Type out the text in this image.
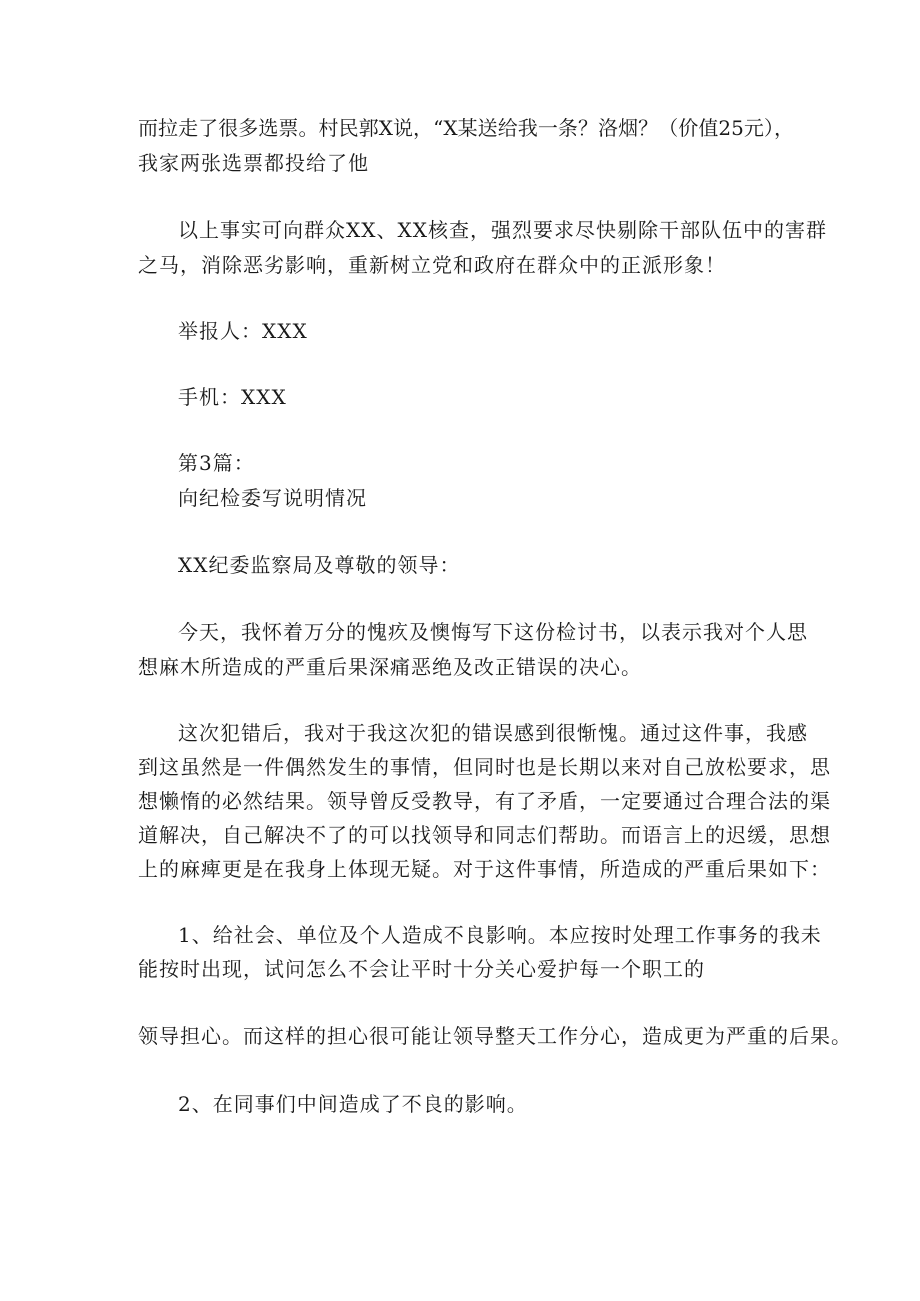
而拉走了很多选票。村民郭X说，“X某送给我一条？洛烟？（价值25元），
我家两张选票都投给了他
以上事实可向群众XX、XX核查，强烈要求尽快剔除干部队伍中的害群
之马，消除恶劣影响，重新树立党和政府在群众中的正派形象！
举报人：XXX
手机：XXX
第3篇：
向纪检委写说明情况
XX纪委监察局及尊敬的领导：
今天，我怀着万分的愧疚及懊悔写下这份检讨书，以表示我对个人思
想麻木所造成的严重后果深痛恶绝及改正错误的决心。
这次犯错后，我对于我这次犯的错误感到很惭愧。通过这件事，我感
到这虽然是一件偶然发生的事情，但同时也是长期以来对自己放松要求，思
想懒惰的必然结果。领导曾反受教导，有了矛盾，一定要通过合理合法的渠
道解决，自己解决不了的可以找领导和同志们帮助。而语言上的迟缓，思想
上的麻痺更是在我身上体现无疑。对于这件事情，所造成的严重后果如下：
1、给社会、单位及个人造成不良影响。本应按时处理工作事务的我未
能按时出现，试问怎么不会让平时十分关心爱护每一个职工的
领导担心。而这样的担心很可能让领导整天工作分心，造成更为严重的后果。
2、在同事们中间造成了不良的影响。
